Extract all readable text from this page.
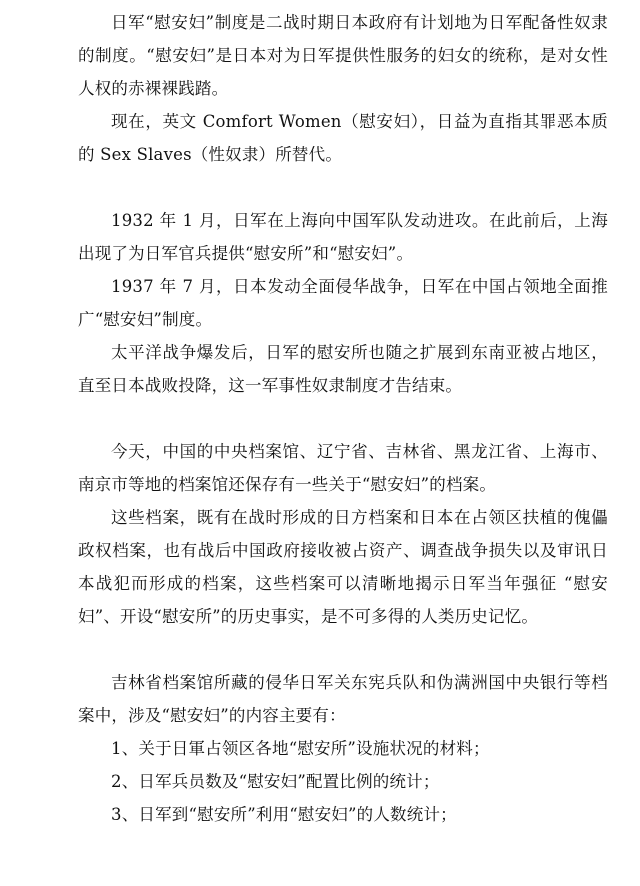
日军“慰安妇”制度是二战时期日本政府有计划地为日军配备性奴隶的制度。“慰安妇”是日本对为日军提供性服务的妇女的统称，是对女性人权的赤裸裸践踏。

现在，英文 Comfort Women（慰安妇），日益为直指其罪恶本质的 Sex Slaves（性奴隶）所替代。

1932 年 1 月，日军在上海向中国军队发动进攻。在此前后，上海出现了为日军官兵提供“慰安所”和“慰安妇”。

1937 年 7 月，日本发动全面侵华战争，日军在中国占领地全面推广“慰安妇”制度。

太平洋战争爆发后，日军的慰安所也随之扩展到东南亚被占地区，直至日本战败投降，这一军事性奴隶制度才告结束。

今天，中国的中央档案馆、辽宁省、吉林省、黑龙江省、上海市、南京市等地的档案馆还保存有一些关于“慰安妇”的档案。

这些档案，既有在战时形成的日方档案和日本在占领区扶植的傀儡政权档案，也有战后中国政府接收被占资产、调查战争损失以及审讯日本战犯而形成的档案，这些档案可以清晰地揭示日军当年强征 “慰安妇”、开设“慰安所”的历史事实，是不可多得的人类历史记忆。

吉林省档案馆所藏的侵华日军关东宪兵队和伪满洲国中央银行等档案中，涉及“慰安妇”的内容主要有：

1、关于日軍占领区各地“慰安所”设施状况的材料；

2、日军兵员数及“慰安妇”配置比例的统计；

3、日军到“慰安所”利用“慰安妇”的人数统计；
